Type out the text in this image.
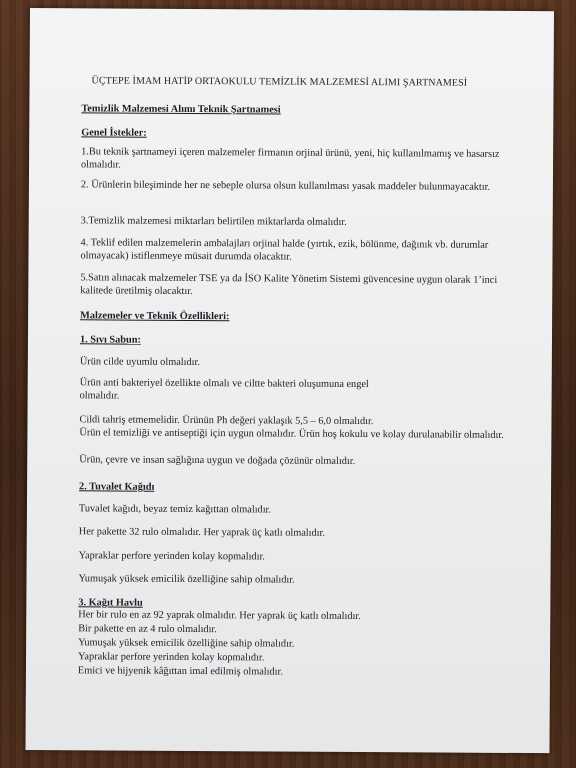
ÜÇTEPE İMAM HATİP ORTAOKULU TEMİZLİK MALZEMESİ ALIMI ŞARTNAMESİ
Temizlik Malzemesi Alımı Teknik Şartnamesi
Genel İstekler:
1.Bu teknik şartnameyi içeren malzemeler firmanın orjinal ürünü, yeni, hiç kullanılmamış ve hasarsız olmalıdır.
2. Ürünlerin bileşiminde her ne sebeple olursa olsun kullanılması yasak maddeler bulunmayacaktır.
3.Temizlik malzemesi miktarları belirtilen miktarlarda olmalıdır.
4. Teklif edilen malzemelerin ambalajları orjinal halde (yırtık, ezik, bölünme, dağınık vb. durumlar olmayacak) istiflenmeye müsait durumda olacaktır.
5.Satın alınacak malzemeler TSE ya da İSO Kalite Yönetim Sistemi güvencesine uygun olarak 1’inci kalitede üretilmiş olacaktır.
Malzemeler ve Teknik Özellikleri:
1. Sıvı Sabun:
Ürün cilde uyumlu olmalıdır.
Ürün anti bakteriyel özellikte olmalı ve ciltte bakteri oluşumuna engel olmalıdır.
Cildi tahriş etmemelidir. Ürünün Ph değeri yaklaşık 5,5 – 6,0 olmalıdır.
Ürün el temizliği ve antiseptiği için uygun olmalıdır. Ürün hoş kokulu ve kolay durulanabilir olmalıdır.
Ürün, çevre ve insan sağlığına uygun ve doğada çözünür olmalıdır.
2. Tuvalet Kağıdı
Tuvalet kağıdı, beyaz temiz kağıttan olmalıdır.
Her pakette 32 rulo olmalıdır. Her yaprak üç katlı olmalıdır.
Yapraklar perfore yerinden kolay kopmalıdır.
Yumuşak yüksek emicilik özelliğine sahip olmalıdır.
3. Kağıt Havlu
Her bir rulo en az 92 yaprak olmalıdır. Her yaprak üç katlı olmalıdır.
Bir pakette en az 4 rulo olmalıdır.
Yumuşak yüksek emicilik özelliğine sahip olmalıdır.
Yapraklar perfore yerinden kolay kopmalıdır.
Emici ve hijyenik kâğıttan imal edilmiş olmalıdır.
